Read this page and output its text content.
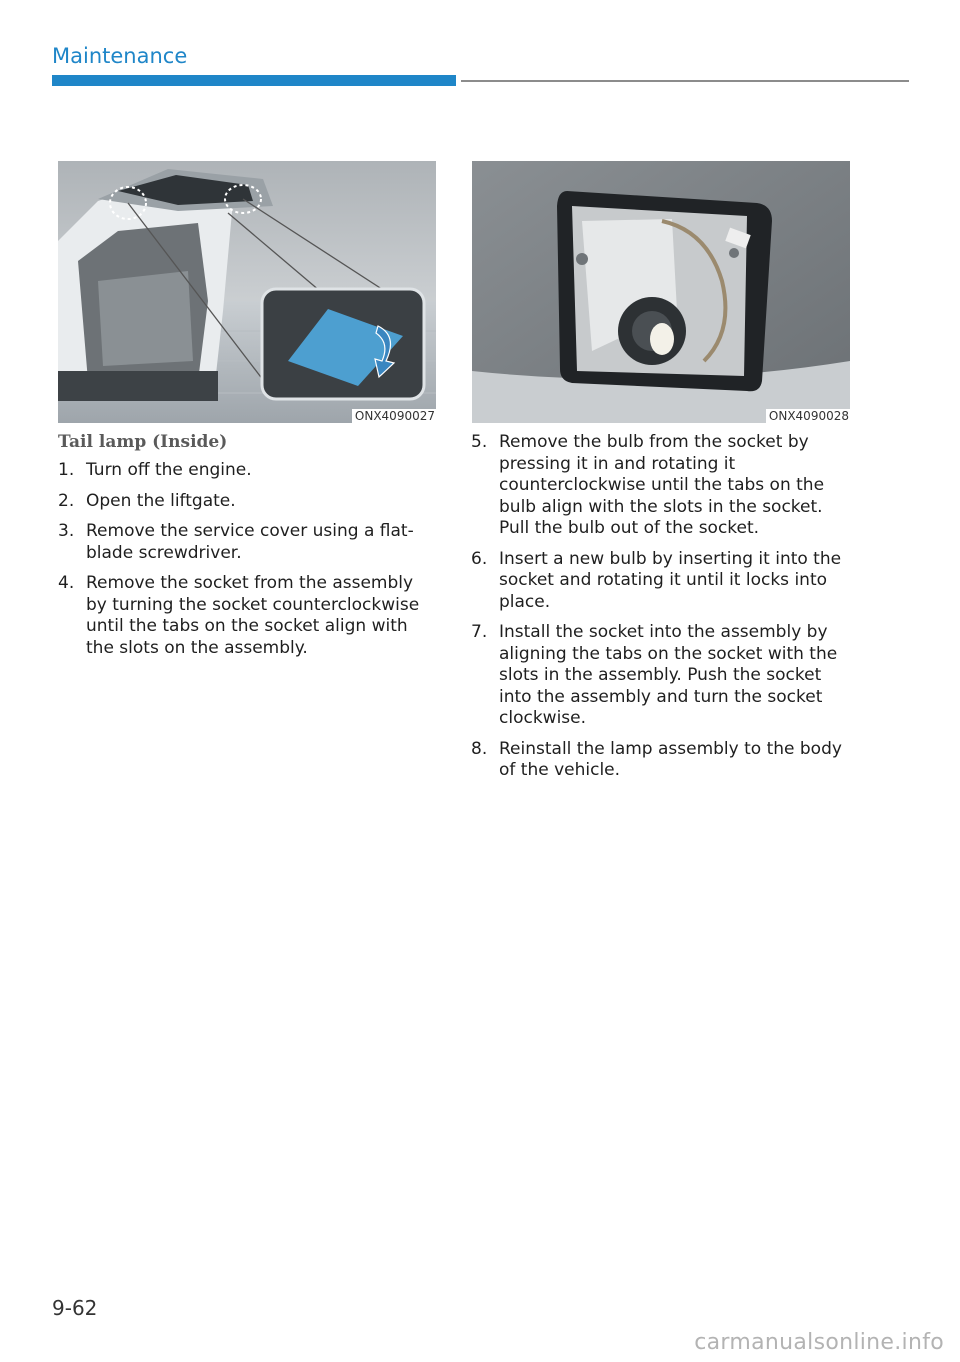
Maintenance
ONX4090027	ONX4090028
Tail lamp (Inside)
1. Turn off the engine.
2. Open the liftgate.
3. Remove the service cover using a flat-blade screwdriver.
4. Remove the socket from the assembly by turning the socket counterclockwise until the tabs on the socket align with the slots on the assembly.
5. Remove the bulb from the socket by pressing it in and rotating it counterclockwise until the tabs on the bulb align with the slots in the socket. Pull the bulb out of the socket.
6. Insert a new bulb by inserting it into the socket and rotating it until it locks into place.
7. Install the socket into the assembly by aligning the tabs on the socket with the slots in the assembly. Push the socket into the assembly and turn the socket clockwise.
8. Reinstall the lamp assembly to the body of the vehicle.
9-62
carmanualsonline.info
